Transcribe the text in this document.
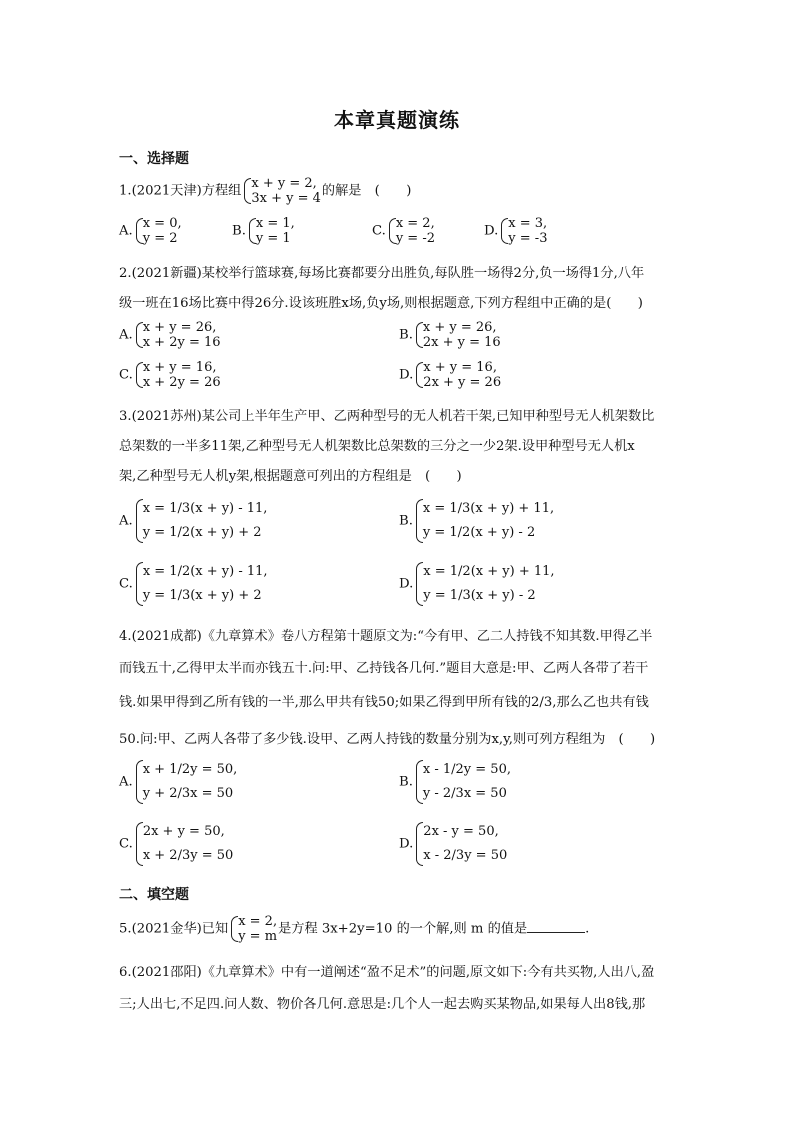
本章真题演练
一、选择题
1.(2021天津)方程组 x + y = 2,
3x + y = 4 的解是　(　　)
A. x = 0,
y = 2	B. x = 1,
y = 1	C. x = 2,
y = -2	D. x = 3,
y = -3
2.(2021新疆)某校举行篮球赛,每场比赛都要分出胜负,每队胜一场得2分,负一场得1分,八年
级一班在16场比赛中得26分.设该班胜x场,负y场,则根据题意,下列方程组中正确的是(　　)
A. x + y = 26,
x + 2y = 16	B. x + y = 26,
2x + y = 16
C. x + y = 16,
x + 2y = 26	D. x + y = 16,
2x + y = 26
3.(2021苏州)某公司上半年生产甲、乙两种型号的无人机若干架,已知甲种型号无人机架数比
总架数的一半多11架,乙种型号无人机架数比总架数的三分之一少2架.设甲种型号无人机x
架,乙种型号无人机y架,根据题意可列出的方程组是　(　　)
A.
x = 1/3(x + y) - 11,
y = 1/2(x + y) + 2
B.
x = 1/3(x + y) + 11,
y = 1/2(x + y) - 2
C.
x = 1/2(x + y) - 11,
y = 1/3(x + y) + 2
D.
x = 1/2(x + y) + 11,
y = 1/3(x + y) - 2
4.(2021成都)《九章算术》卷八方程第十题原文为:“今有甲、乙二人持钱不知其数.甲得乙半
而钱五十,乙得甲太半而亦钱五十.问:甲、乙持钱各几何.”题目大意是:甲、乙两人各带了若干
钱.如果甲得到乙所有钱的一半,那么甲共有钱50;如果乙得到甲所有钱的2/3,那么乙也共有钱
50.问:甲、乙两人各带了多少钱.设甲、乙两人持钱的数量分别为x,y,则可列方程组为　(　　)
A.
x + 1/2y = 50,
y + 2/3x = 50
B.
x - 1/2y = 50,
y - 2/3x = 50
C.
2x + y = 50,
x + 2/3y = 50
D.
2x - y = 50,
x - 2/3y = 50
二、填空题
5.(2021金华)已知 x = 2,
y = m 是方程 3x+2y=10 的一个解,则 m 的值是	.
6.(2021邵阳)《九章算术》中有一道阐述“盈不足术”的问题,原文如下:今有共买物,人出八,盈
三;人出七,不足四.问人数、物价各几何.意思是:几个人一起去购买某物品,如果每人出8钱,那
